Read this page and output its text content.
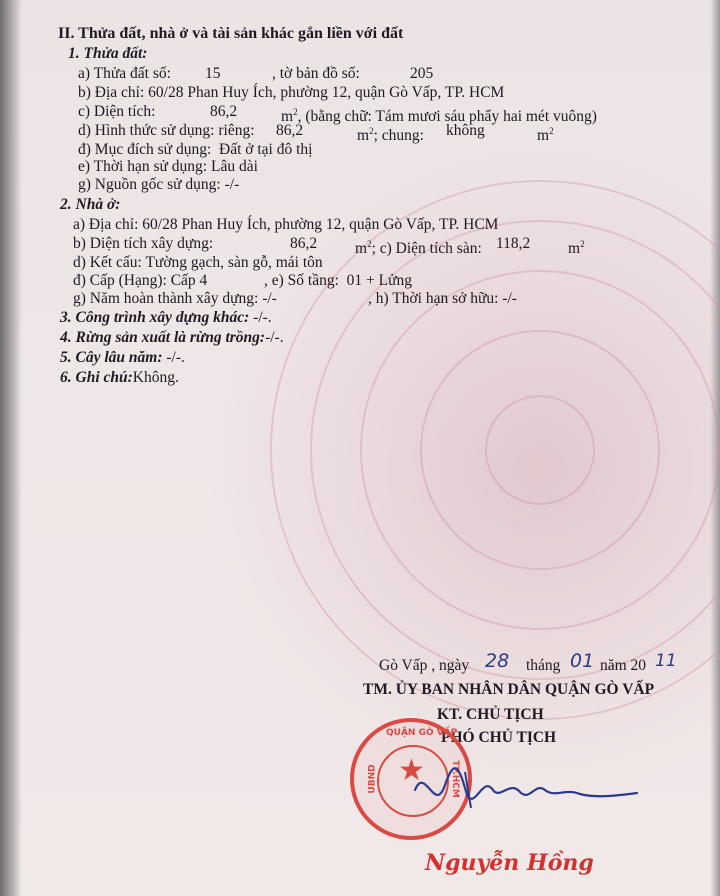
II. Thửa đất, nhà ở và tài sản khác gắn liền với đất
1. Thửa đất:
a) Thửa đất số: 15	, tờ bản đồ số:	205
b) Địa chỉ: 60/28 Phan Huy Ích, phường 12, quận Gò Vấp, TP. HCM
c) Diện tích:	86,2	$m^2$, (bằng chữ: Tám mươi sáu phẩy hai mét vuông)
d) Hình thức sử dụng: riêng: 86,2	$m^2$; chung: không	$m^2$
đ) Mục đích sử dụng: Đất ở tại đô thị
e) Thời hạn sử dụng: Lâu dài
g) Nguồn gốc sử dụng: -/-
2. Nhà ở:
a) Địa chỉ: 60/28 Phan Huy Ích, phường 12, quận Gò Vấp, TP. HCM
b) Diện tích xây dựng:	86,2 $m^2$; c) Diện tích sàn: 118,2 $m^2$
d) Kết cấu: Tường gạch, sàn gỗ, mái tôn
đ) Cấp (Hạng): Cấp 4	, e) Số tầng: 01 + Lửng
g) Năm hoàn thành xây dựng: -/-	, h) Thời hạn sở hữu: -/-
3. Công trình xây dựng khác: -/-.
4. Rừng sản xuất là rừng trồng:-/-.
5. Cây lâu năm: -/-.
6. Ghi chú:Không.
Gò Vấp , ngày 28 tháng 01 năm 20 11
TM. ỦY BAN NHÂN DÂN QUẬN GÒ VẤP
KT. CHỦ TỊCH
PHÓ CHỦ TỊCH
★
QUẬN GÒ VẤP
UBND	TP.HCM
Nguyễn Hồng
